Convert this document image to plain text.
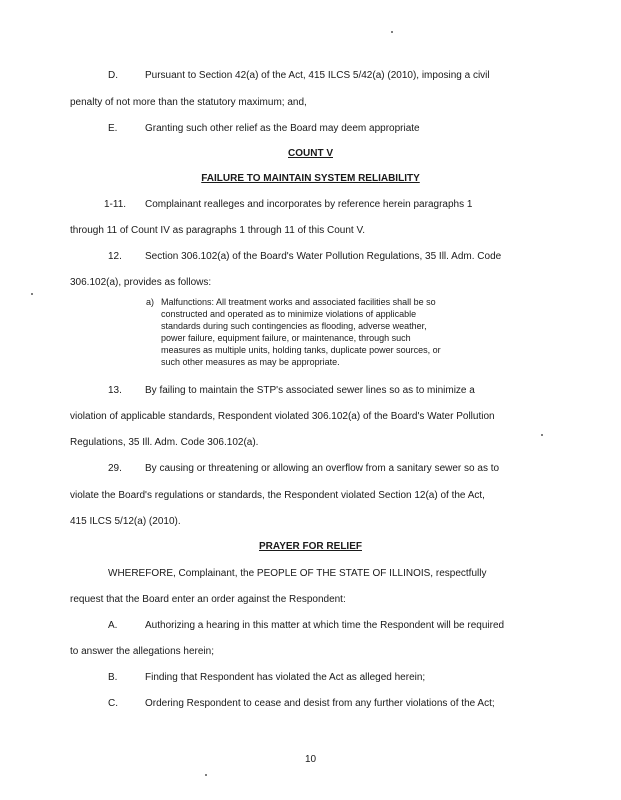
D.	Pursuant to Section 42(a) of the Act, 415 ILCS 5/42(a) (2010), imposing a civil
penalty of not more than the statutory maximum; and,
E.	Granting such other relief as the Board may deem appropriate
COUNT V
FAILURE TO MAINTAIN SYSTEM RELIABILITY
1-11. Complainant realleges and incorporates by reference herein paragraphs 1
through 11 of Count IV as paragraphs 1 through 11 of this Count V.
12. Section 306.102(a) of the Board's Water Pollution Regulations, 35 Ill. Adm. Code
306.102(a), provides as follows:
a) Malfunctions: All treatment works and associated facilities shall be so
constructed and operated as to minimize violations of applicable
standards during such contingencies as flooding, adverse weather,
power failure, equipment failure, or maintenance, through such
measures as multiple units, holding tanks, duplicate power sources, or
such other measures as may be appropriate.
13. By failing to maintain the STP's associated sewer lines so as to minimize a
violation of applicable standards, Respondent violated 306.102(a) of the Board's Water Pollution
Regulations, 35 Ill. Adm. Code 306.102(a).
29. By causing or threatening or allowing an overflow from a sanitary sewer so as to
violate the Board's regulations or standards, the Respondent violated Section 12(a) of the Act,
415 ILCS 5/12(a) (2010).
PRAYER FOR RELIEF
WHEREFORE, Complainant, the PEOPLE OF THE STATE OF ILLINOIS, respectfully
request that the Board enter an order against the Respondent:
A.	Authorizing a hearing in this matter at which time the Respondent will be required
to answer the allegations herein;
B.	Finding that Respondent has violated the Act as alleged herein;
C.	Ordering Respondent to cease and desist from any further violations of the Act;
10
